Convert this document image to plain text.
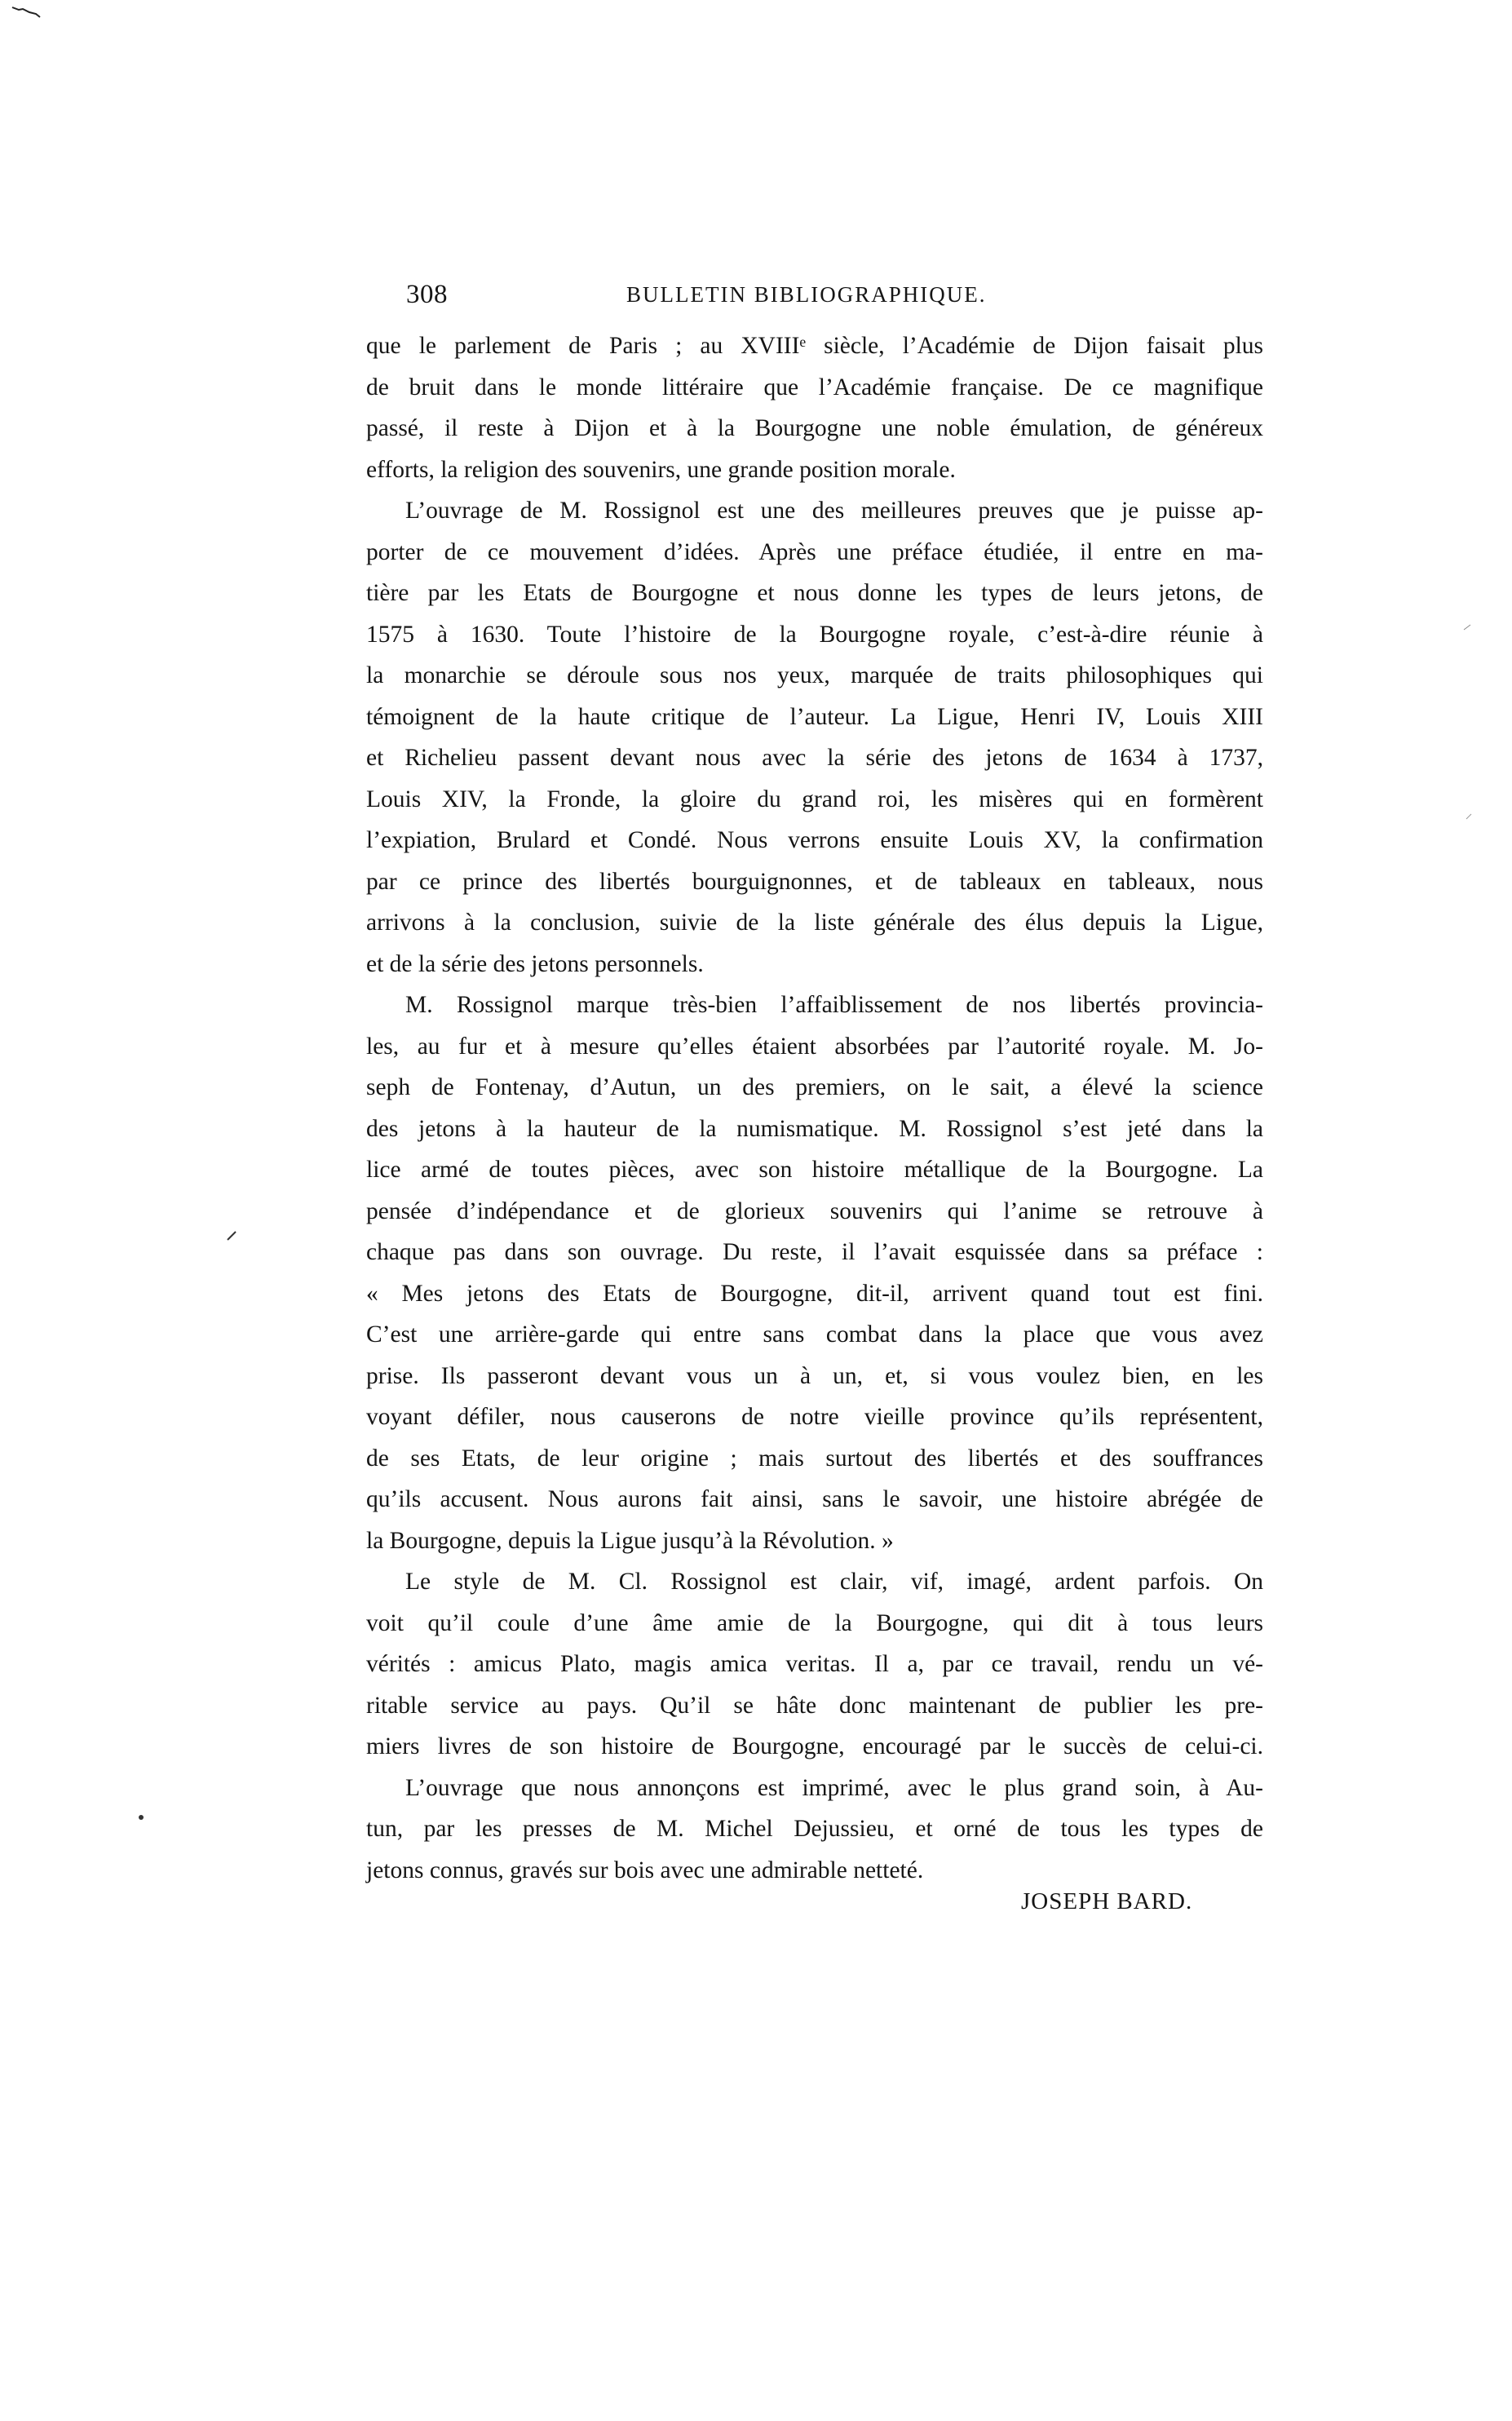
308	BULLETIN BIBLIOGRAPHIQUE.
que le parlement de Paris ; au XVIIIᵉ siècle, l’Académie de Dijon faisait plus
de bruit dans le monde littéraire que l’Académie française. De ce magnifique
passé, il reste à Dijon et à la Bourgogne une noble émulation, de généreux
efforts, la religion des souvenirs, une grande position morale.
L’ouvrage de M. Rossignol est une des meilleures preuves que je puisse ap-
porter de ce mouvement d’idées. Après une préface étudiée, il entre en ma-
tière par les Etats de Bourgogne et nous donne les types de leurs jetons, de
1575 à 1630. Toute l’histoire de la Bourgogne royale, c’est-à-dire réunie à
la monarchie se déroule sous nos yeux, marquée de traits philosophiques qui
témoignent de la haute critique de l’auteur. La Ligue, Henri IV, Louis XIII
et Richelieu passent devant nous avec la série des jetons de 1634 à 1737,
Louis XIV, la Fronde, la gloire du grand roi, les misères qui en formèrent
l’expiation, Brulard et Condé. Nous verrons ensuite Louis XV, la confirmation
par ce prince des libertés bourguignonnes, et de tableaux en tableaux, nous
arrivons à la conclusion, suivie de la liste générale des élus depuis la Ligue,
et de la série des jetons personnels.
M. Rossignol marque très-bien l’affaiblissement de nos libertés provincia-
les, au fur et à mesure qu’elles étaient absorbées par l’autorité royale. M. Jo-
seph de Fontenay, d’Autun, un des premiers, on le sait, a élevé la science
des jetons à la hauteur de la numismatique. M. Rossignol s’est jeté dans la
lice armé de toutes pièces, avec son histoire métallique de la Bourgogne. La
pensée d’indépendance et de glorieux souvenirs qui l’anime se retrouve à
chaque pas dans son ouvrage. Du reste, il l’avait esquissée dans sa préface :
« Mes jetons des Etats de Bourgogne, dit-il, arrivent quand tout est fini.
C’est une arrière-garde qui entre sans combat dans la place que vous avez
prise. Ils passeront devant vous un à un, et, si vous voulez bien, en les
voyant défiler, nous causerons de notre vieille province qu’ils représentent,
de ses Etats, de leur origine ; mais surtout des libertés et des souffrances
qu’ils accusent. Nous aurons fait ainsi, sans le savoir, une histoire abrégée de
la Bourgogne, depuis la Ligue jusqu’à la Révolution. »
Le style de M. Cl. Rossignol est clair, vif, imagé, ardent parfois. On
voit qu’il coule d’une âme amie de la Bourgogne, qui dit à tous leurs
vérités : amicus Plato, magis amica veritas. Il a, par ce travail, rendu un vé-
ritable service au pays. Qu’il se hâte donc maintenant de publier les pre-
miers livres de son histoire de Bourgogne, encouragé par le succès de celui-ci.
L’ouvrage que nous annonçons est imprimé, avec le plus grand soin, à Au-
tun, par les presses de M. Michel Dejussieu, et orné de tous les types de
jetons connus, gravés sur bois avec une admirable netteté.
JOSEPH BARD.
